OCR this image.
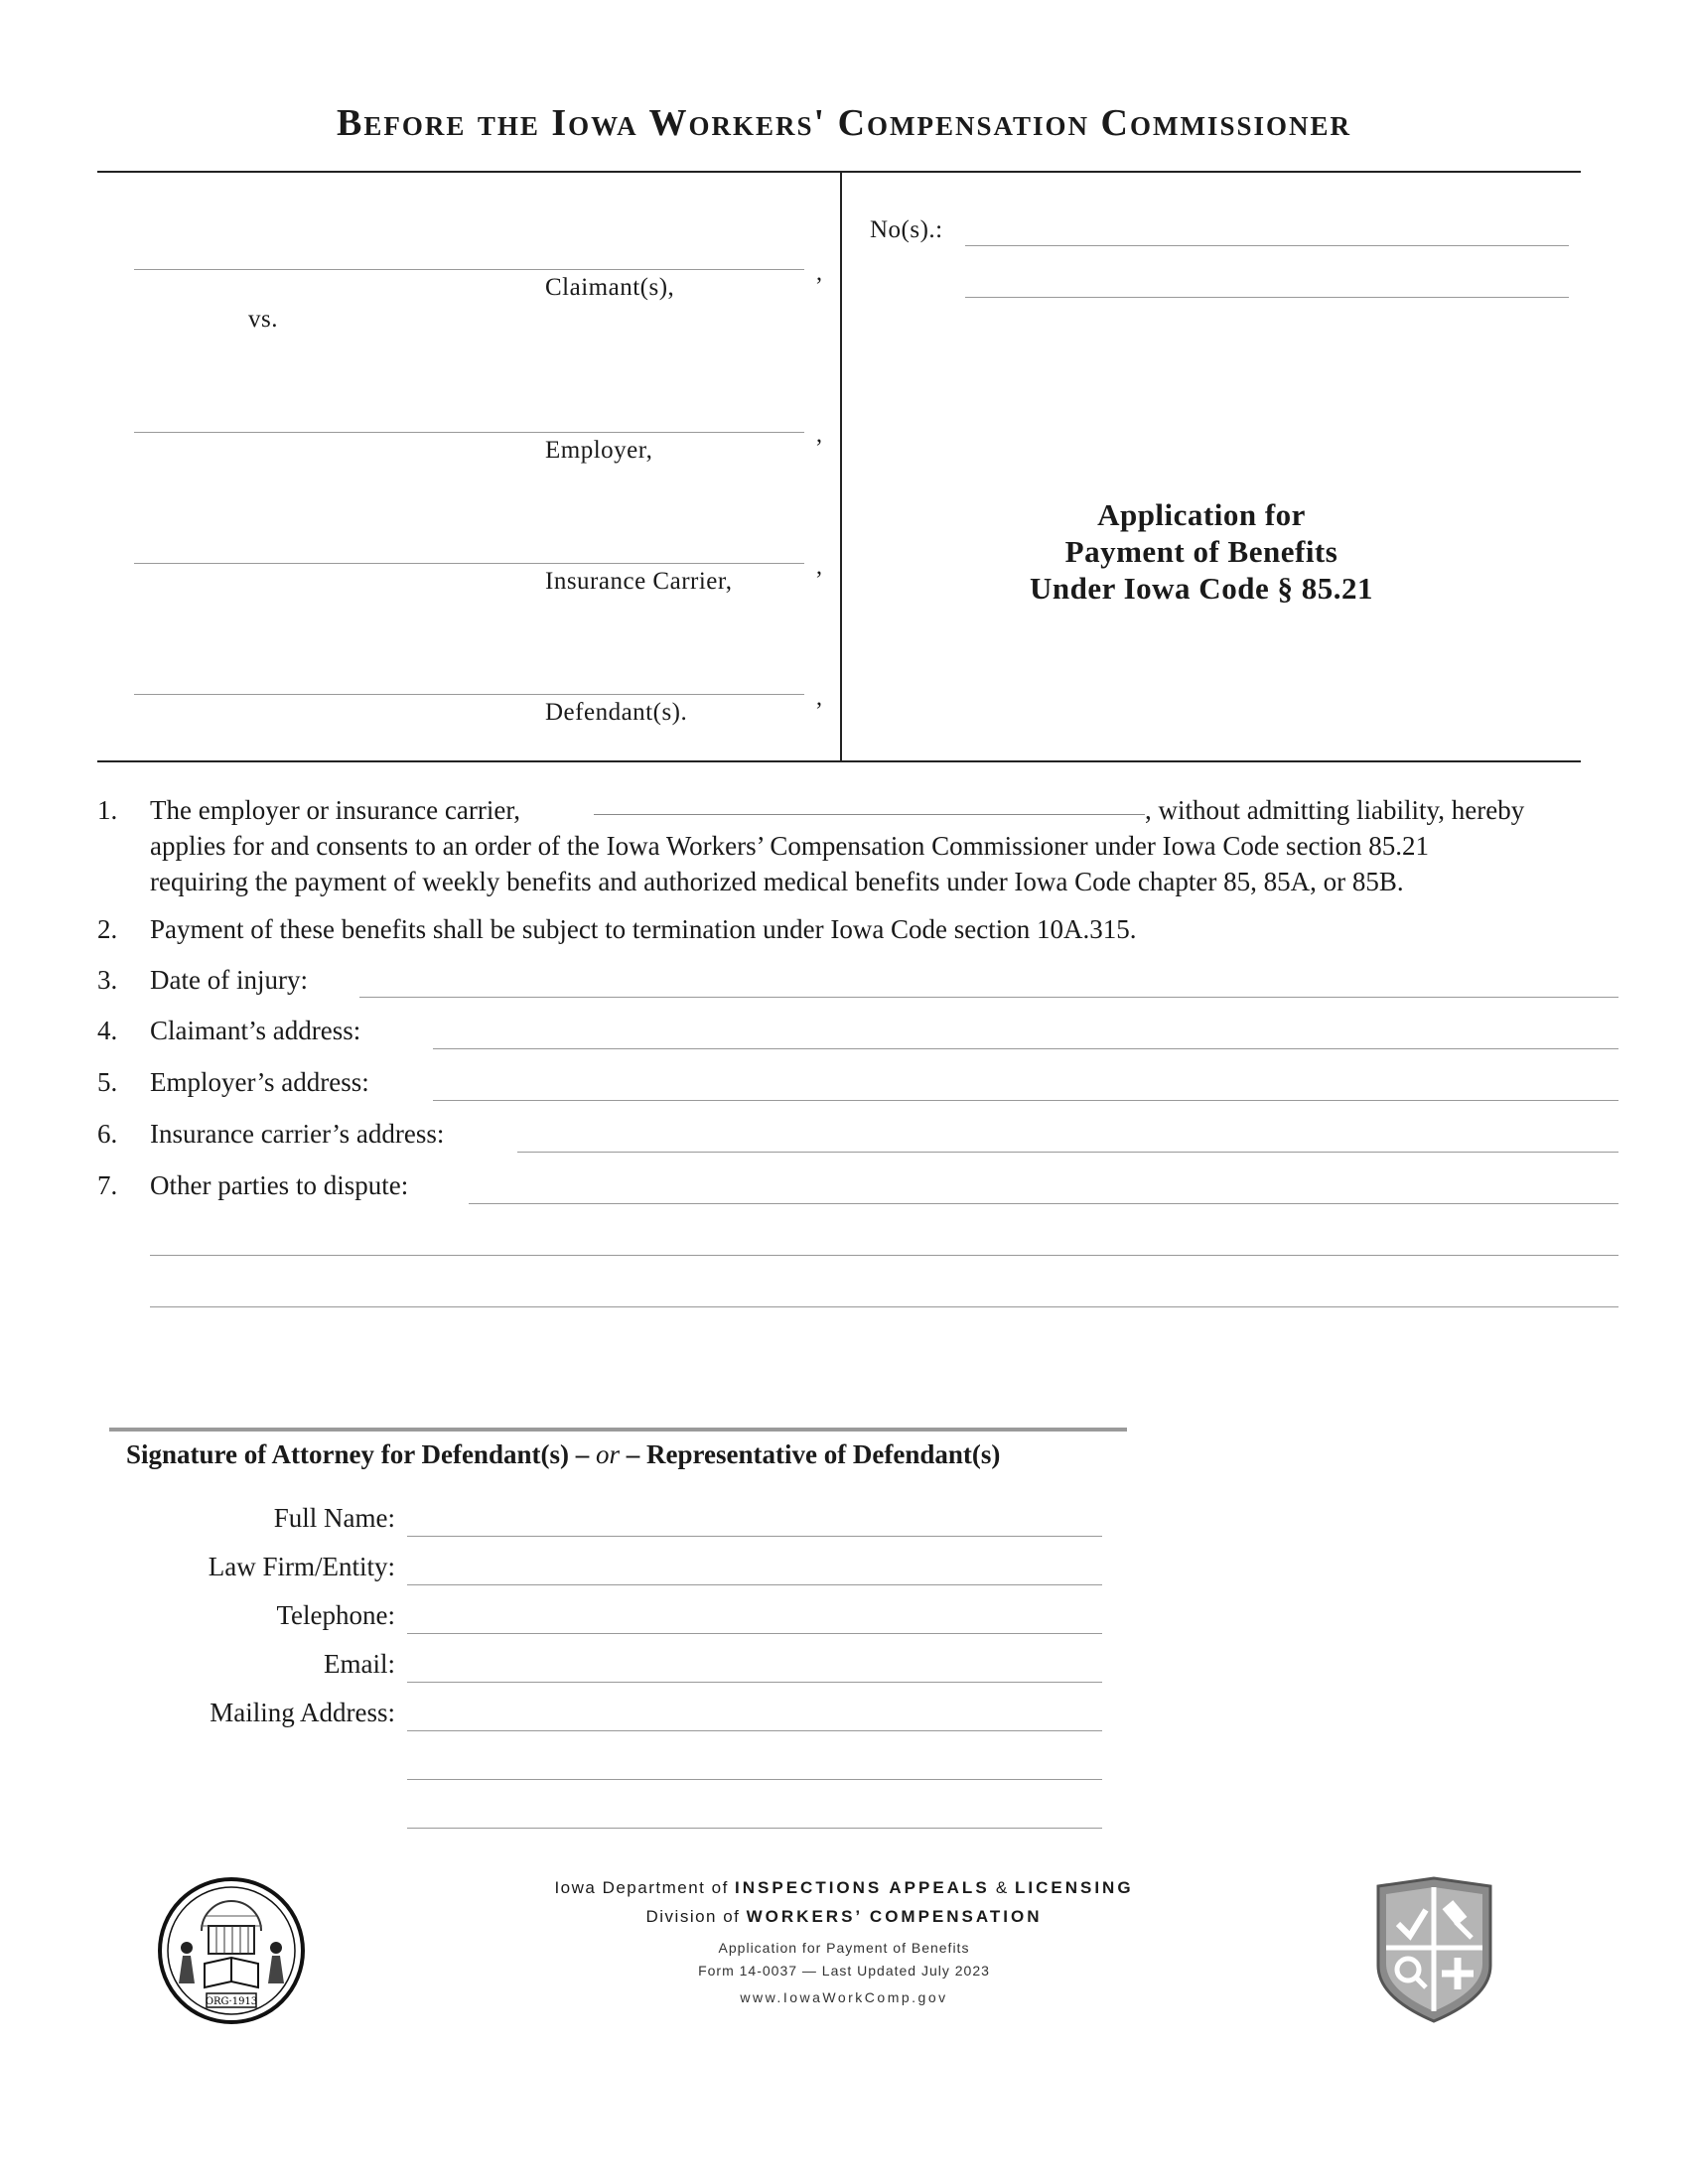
Before the Iowa Workers' Compensation Commissioner
,
Claimant(s),
vs.
,
Employer,
,
Insurance Carrier,
,
Defendant(s).
No(s).:
Application for
Payment of Benefits
Under Iowa Code § 85.21
1. The employer or insurance carrier,	, without admitting liability, hereby
applies for and consents to an order of the Iowa Workers’ Compensation Commissioner under Iowa Code section 85.21
requiring the payment of weekly benefits and authorized medical benefits under Iowa Code chapter 85, 85A, or 85B.
2. Payment of these benefits shall be subject to termination under Iowa Code section 10A.315.
3. Date of injury:
4. Claimant’s address:
5. Employer’s address:
6. Insurance carrier’s address:
7. Other parties to dispute:
Signature of Attorney for Defendant(s) – or – Representative of Defendant(s)
Full Name:
Law Firm/Entity:
Telephone:
Email:
Mailing Address:
ORG·1913
Iowa Department of INSPECTIONS APPEALS & LICENSING
Division of WORKERS’ COMPENSATION
Application for Payment of Benefits
Form 14-0037 — Last Updated July 2023
www.IowaWorkComp.gov
